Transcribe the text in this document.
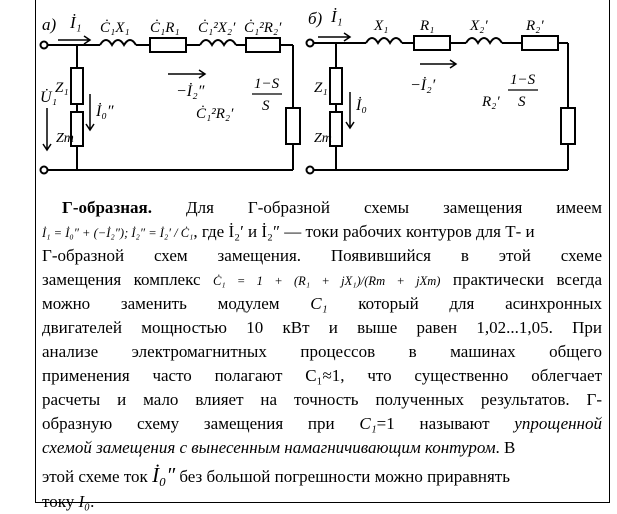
а) İ₁ Ċ₁X₁ Ċ₁R₁ Ċ₁²X₂′ Ċ₁²R₂′
Ċ₁²R₂′
1−S
S
−İ₂″
Z₁
Zm
İ₀″
U̇₁
б) İ₁ X₁ R₁ X₂′	R₂′
R₂′
1−S
S
−İ₂′
Z₁
Zm
İ₀
Г-образная. Для Г-образной схемы замещения имеем
İ₁ = İ₀″ + (−İ₂″); İ₂″ = İ₂′ / Ċ₁, где İ₂′ и İ₂″ — токи рабочих контуров для Т- и
Г-образной схем замещения. Появившийся в этой схеме
замещения комплекс Ċ₁ = 1 + (R₁ + jX₁)/(Rm + jXm) практически всегда
можно заменить модулем C₁ который для асинхронных
двигателей мощностью 10 кВт и выше равен 1,02...1,05. При
анализе электромагнитных процессов в машинах общего
применения часто полагают C₁≈1, что существенно облегчает
расчеты и мало влияет на точность полученных результатов. Г-
образную схему замещения при C₁=1 называют упрощенной
схемой замещения с вынесенным намагничивающим контуром. В
этой схеме ток İ₀″ без большой погрешности можно приравнять
току I₀.
